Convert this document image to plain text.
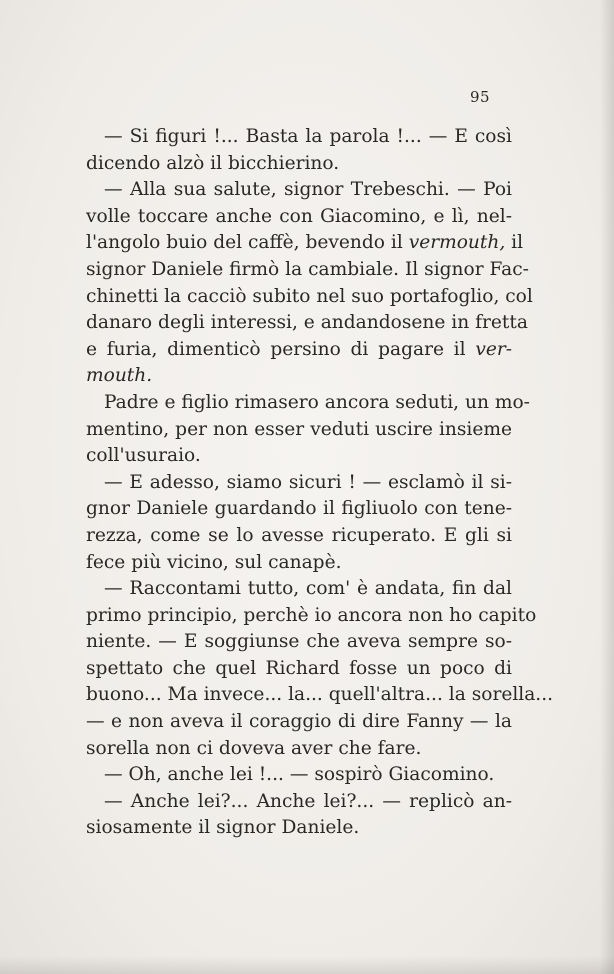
95
— Si figuri !... Basta la parola !... — E così
dicendo alzò il bicchierino.
— Alla sua salute, signor Trebeschi. — Poi
volle toccare anche con Giacomino, e lì, nel-
l'angolo buio del caffè, bevendo il vermouth, il
signor Daniele firmò la cambiale. Il signor Fac-
chinetti la cacciò subito nel suo portafoglio, col
danaro degli interessi, e andandosene in fretta
e furia, dimenticò persino di pagare il ver-
mouth.
Padre e figlio rimasero ancora seduti, un mo-
mentino, per non esser veduti uscire insieme
coll'usuraio.
— E adesso, siamo sicuri ! — esclamò il si-
gnor Daniele guardando il figliuolo con tene-
rezza, come se lo avesse ricuperato. E gli si
fece più vicino, sul canapè.
— Raccontami tutto, com' è andata, fin dal
primo principio, perchè io ancora non ho capito
niente. — E soggiunse che aveva sempre so-
spettato che quel Richard fosse un poco di
buono... Ma invece... la... quell'altra... la sorella...
— e non aveva il coraggio di dire Fanny — la
sorella non ci doveva aver che fare.
— Oh, anche lei !... — sospirò Giacomino.
— Anche lei?... Anche lei?... — replicò an-
siosamente il signor Daniele.
